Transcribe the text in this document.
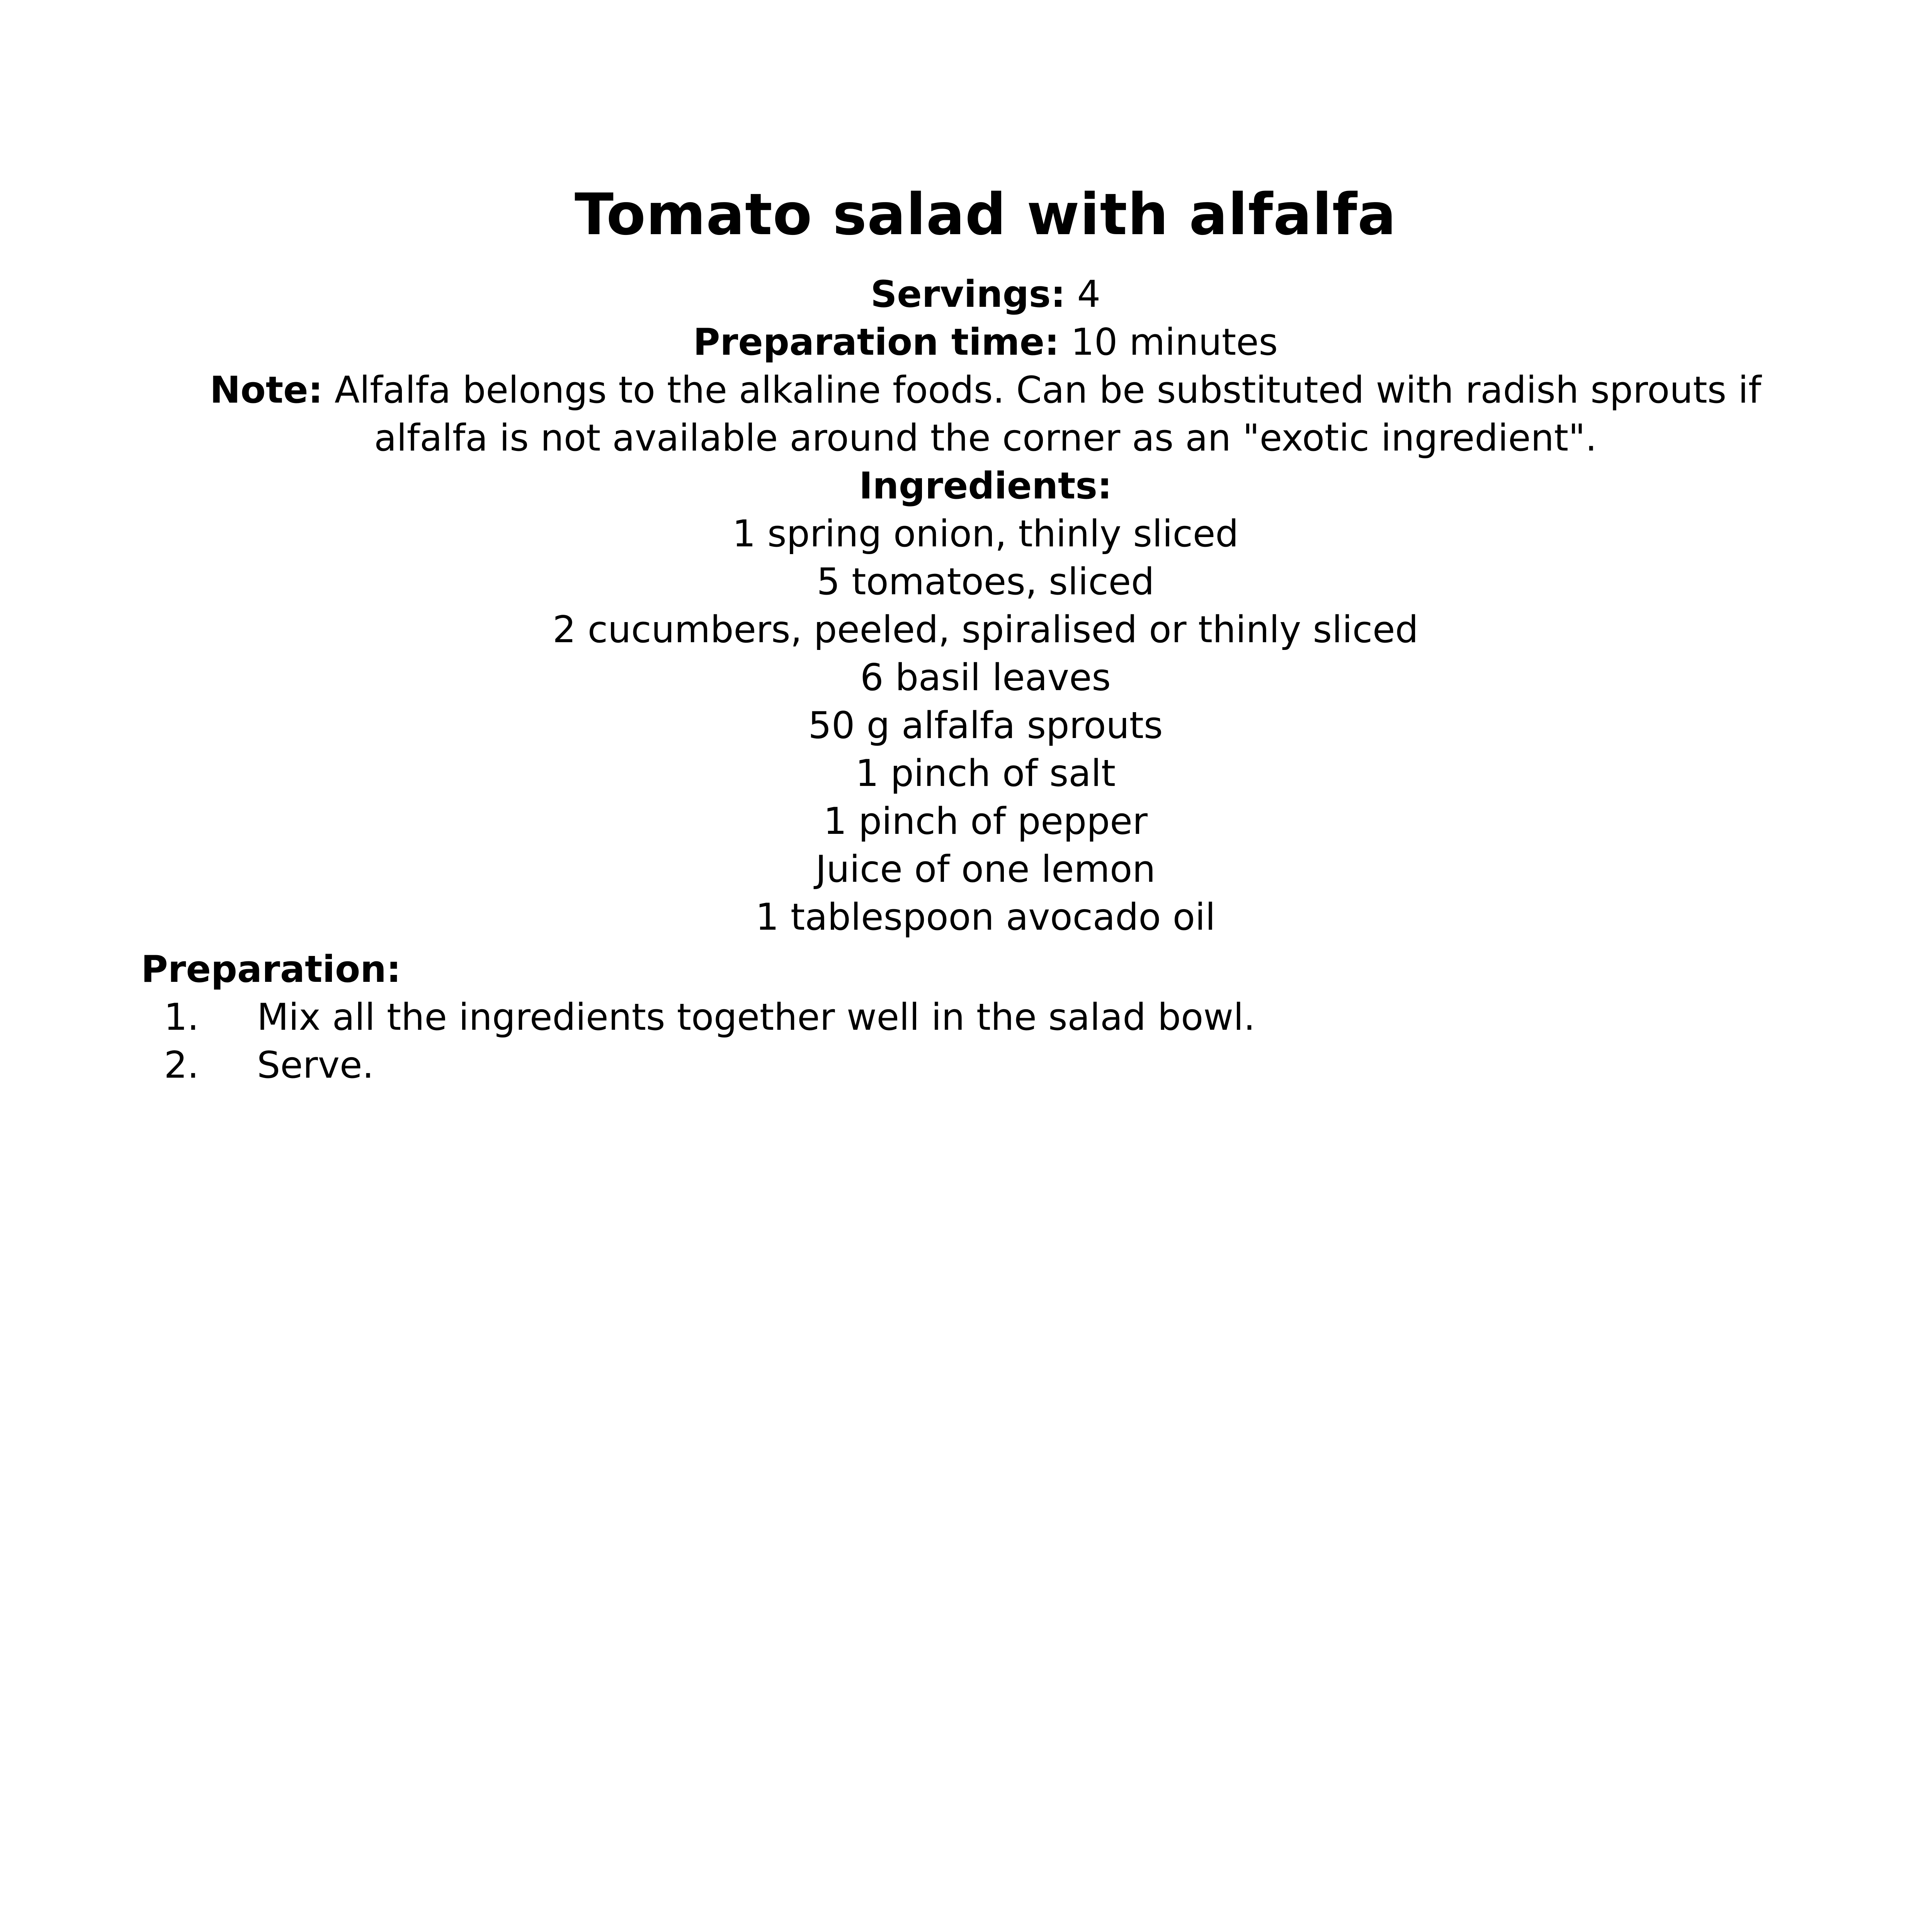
Tomato salad with alfalfa
Servings: 4
Preparation time: 10 minutes
Note: Alfalfa belongs to the alkaline foods. Can be substituted with radish sprouts if alfalfa is not available around the corner as an "exotic ingredient".
Ingredients:
1 spring onion, thinly sliced
5 tomatoes, sliced
2 cucumbers, peeled, spiralised or thinly sliced
6 basil leaves
50 g alfalfa sprouts
1 pinch of salt
1 pinch of pepper
Juice of one lemon
1 tablespoon avocado oil
Preparation:
1. Mix all the ingredients together well in the salad bowl.
2. Serve.
